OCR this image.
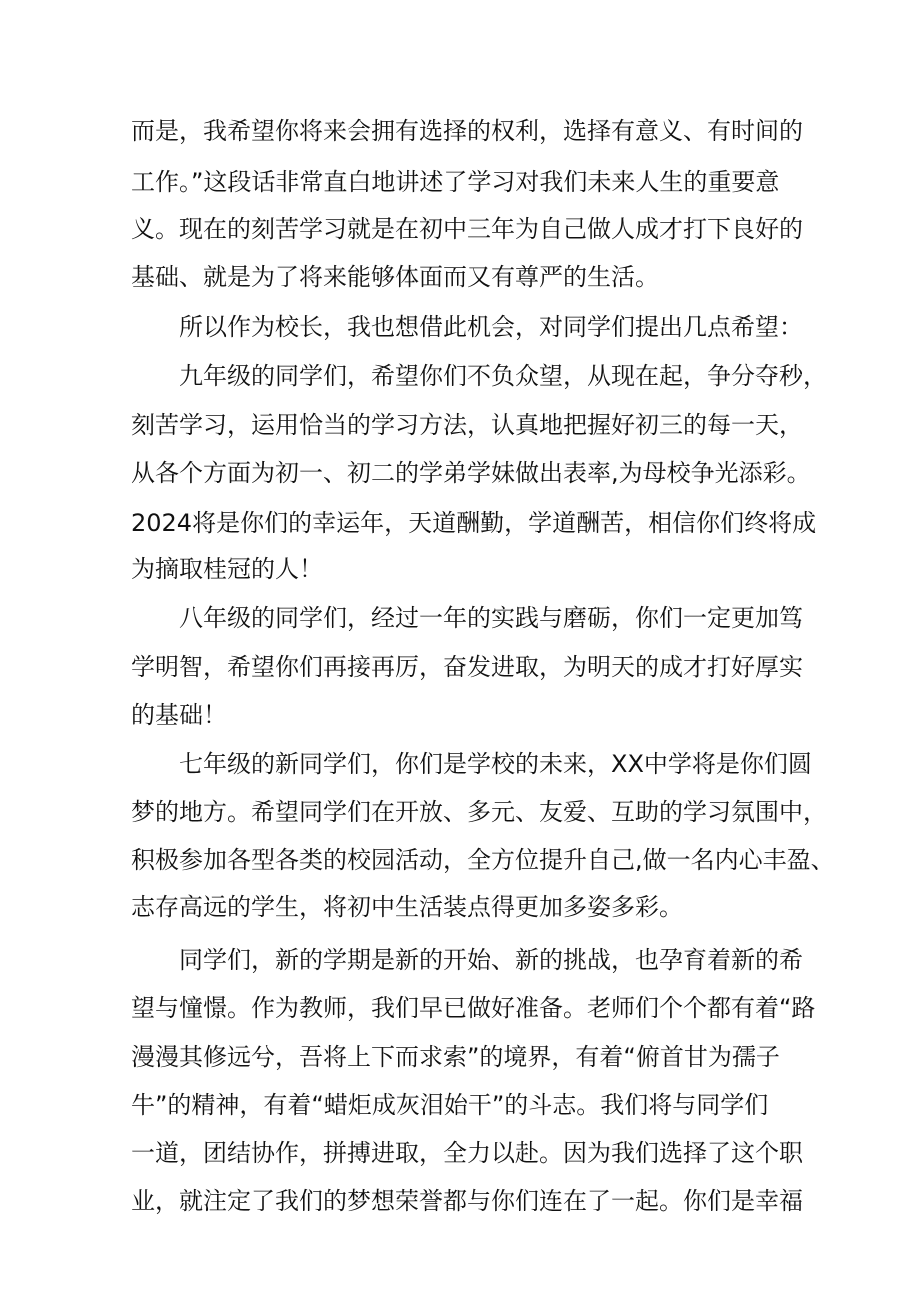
而是，我希望你将来会拥有选择的权利，选择有意义、有时间的
工作。”这段话非常直白地讲述了学习对我们未来人生的重要意
义。现在的刻苦学习就是在初中三年为自己做人成才打下良好的
基础、就是为了将来能够体面而又有尊严的生活。
所以作为校长，我也想借此机会，对同学们提出几点希望：
九年级的同学们，希望你们不负众望，从现在起，争分夺秒，
刻苦学习，运用恰当的学习方法，认真地把握好初三的每一天，
从各个方面为初一、初二的学弟学妹做出表率,为母校争光添彩。
2024将是你们的幸运年，天道酬勤，学道酬苦，相信你们终将成
为摘取桂冠的人！
八年级的同学们，经过一年的实践与磨砺，你们一定更加笃
学明智，希望你们再接再厉，奋发进取，为明天的成才打好厚实
的基础！
七年级的新同学们，你们是学校的未来，XX中学将是你们圆
梦的地方。希望同学们在开放、多元、友爱、互助的学习氛围中，
积极参加各型各类的校园活动，全方位提升自己,做一名内心丰盈、
志存高远的学生，将初中生活装点得更加多姿多彩。
同学们，新的学期是新的开始、新的挑战，也孕育着新的希
望与憧憬。作为教师，我们早已做好准备。老师们个个都有着“路
漫漫其修远兮，吾将上下而求索”的境界，有着“俯首甘为孺子
牛”的精神，有着“蜡炬成灰泪始干”的斗志。我们将与同学们
一道，团结协作，拼搏进取，全力以赴。因为我们选择了这个职
业，就注定了我们的梦想荣誉都与你们连在了一起。你们是幸福
